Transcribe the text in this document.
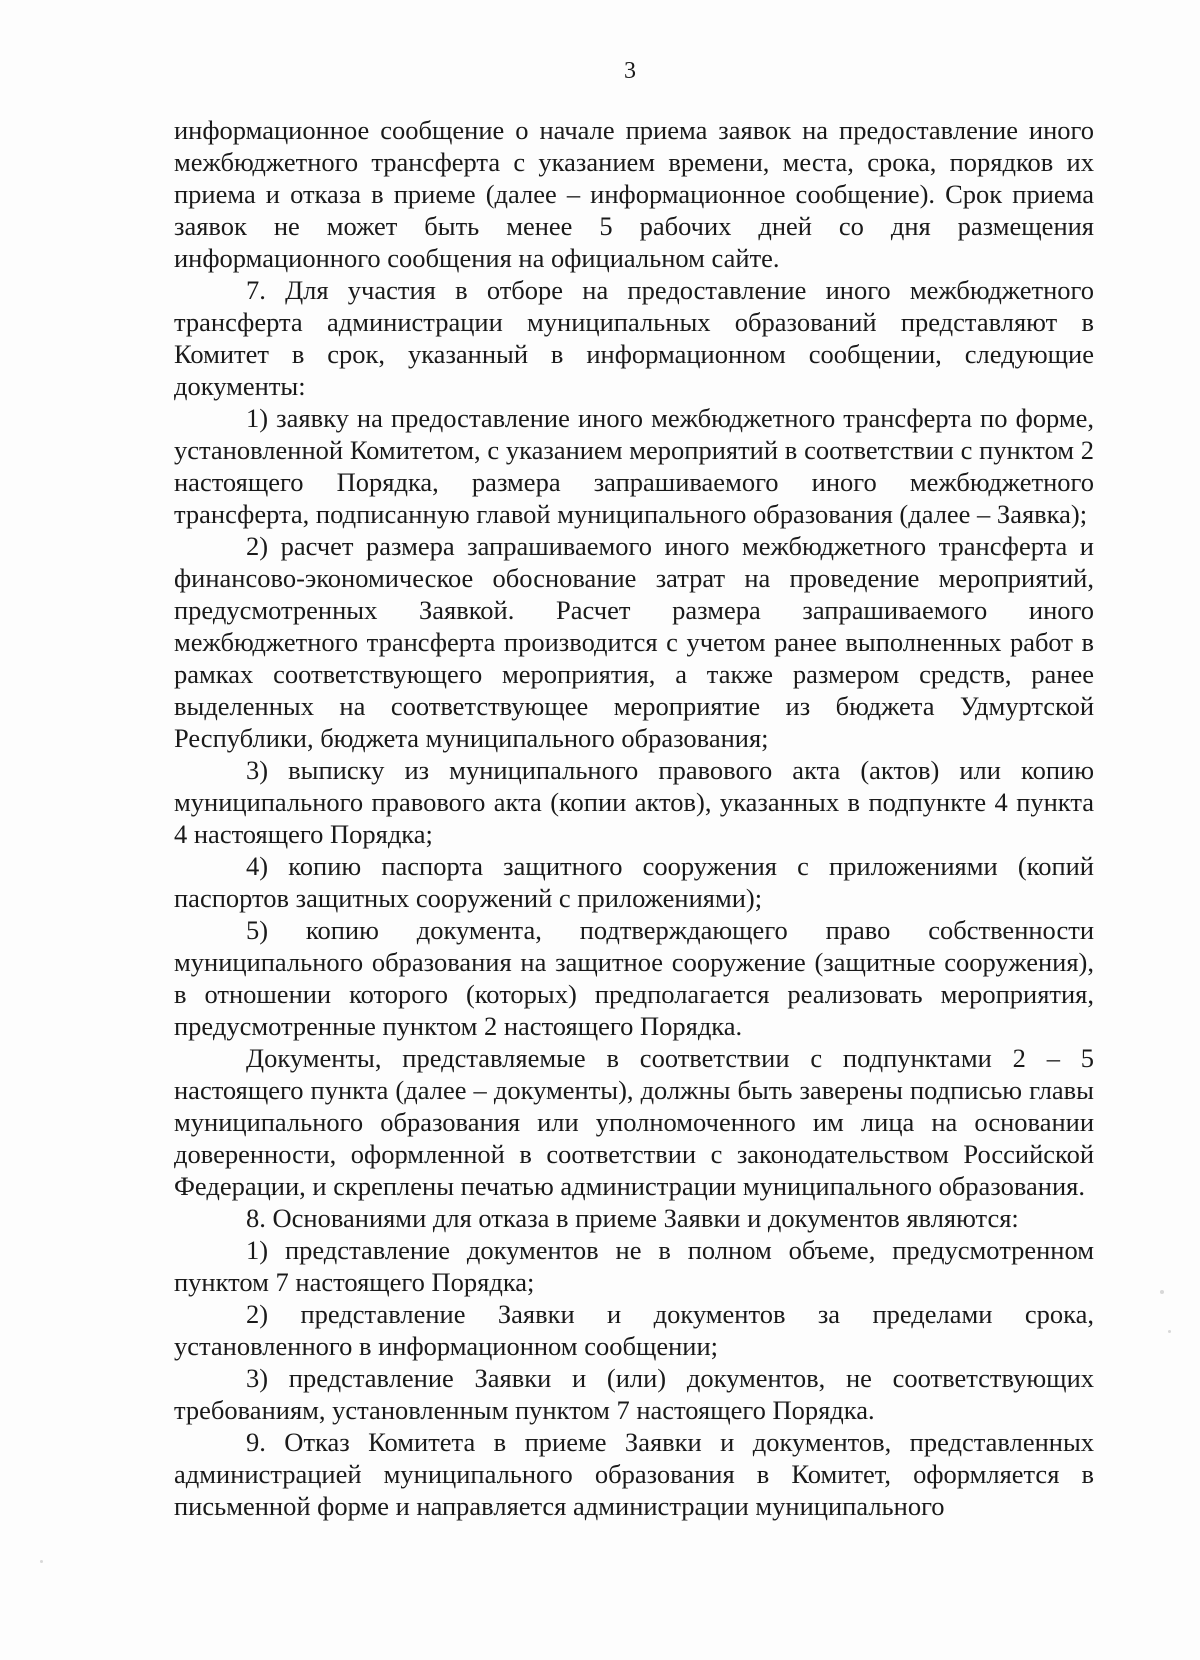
3

информационное сообщение о начале приема заявок на предоставление иного межбюджетного трансферта с указанием времени, места, срока, порядков их приема и отказа в приеме (далее – информационное сообщение). Срок приема заявок не может быть менее 5 рабочих дней со дня размещения информационного сообщения на официальном сайте.

7. Для участия в отборе на предоставление иного межбюджетного трансферта администрации муниципальных образований представляют в Комитет в срок, указанный в информационном сообщении, следующие документы:

1) заявку на предоставление иного межбюджетного трансферта по форме, установленной Комитетом, с указанием мероприятий в соответствии с пунктом 2 настоящего Порядка, размера запрашиваемого иного межбюджетного трансферта, подписанную главой муниципального образования (далее – Заявка);

2) расчет размера запрашиваемого иного межбюджетного трансферта и финансово-экономическое обоснование затрат на проведение мероприятий, предусмотренных Заявкой. Расчет размера запрашиваемого иного межбюджетного трансферта производится с учетом ранее выполненных работ в рамках соответствующего мероприятия, а также размером средств, ранее выделенных на соответствующее мероприятие из бюджета Удмуртской Республики, бюджета муниципального образования;

3) выписку из муниципального правового акта (актов) или копию муниципального правового акта (копии актов), указанных в подпункте 4 пункта 4 настоящего Порядка;

4) копию паспорта защитного сооружения с приложениями (копий паспортов защитных сооружений с приложениями);

5) копию документа, подтверждающего право собственности муниципального образования на защитное сооружение (защитные сооружения), в отношении которого (которых) предполагается реализовать мероприятия, предусмотренные пунктом 2 настоящего Порядка.

Документы, представляемые в соответствии с подпунктами 2 – 5 настоящего пункта (далее – документы), должны быть заверены подписью главы муниципального образования или уполномоченного им лица на основании доверенности, оформленной в соответствии с законодательством Российской Федерации, и скреплены печатью администрации муниципального образования.

8. Основаниями для отказа в приеме Заявки и документов являются:

1) представление документов не в полном объеме, предусмотренном пунктом 7 настоящего Порядка;

2) представление Заявки и документов за пределами срока, установленного в информационном сообщении;

3) представление Заявки и (или) документов, не соответствующих требованиям, установленным пунктом 7 настоящего Порядка.

9. Отказ Комитета в приеме Заявки и документов, представленных администрацией муниципального образования в Комитет, оформляется в письменной форме и направляется администрации муниципального
